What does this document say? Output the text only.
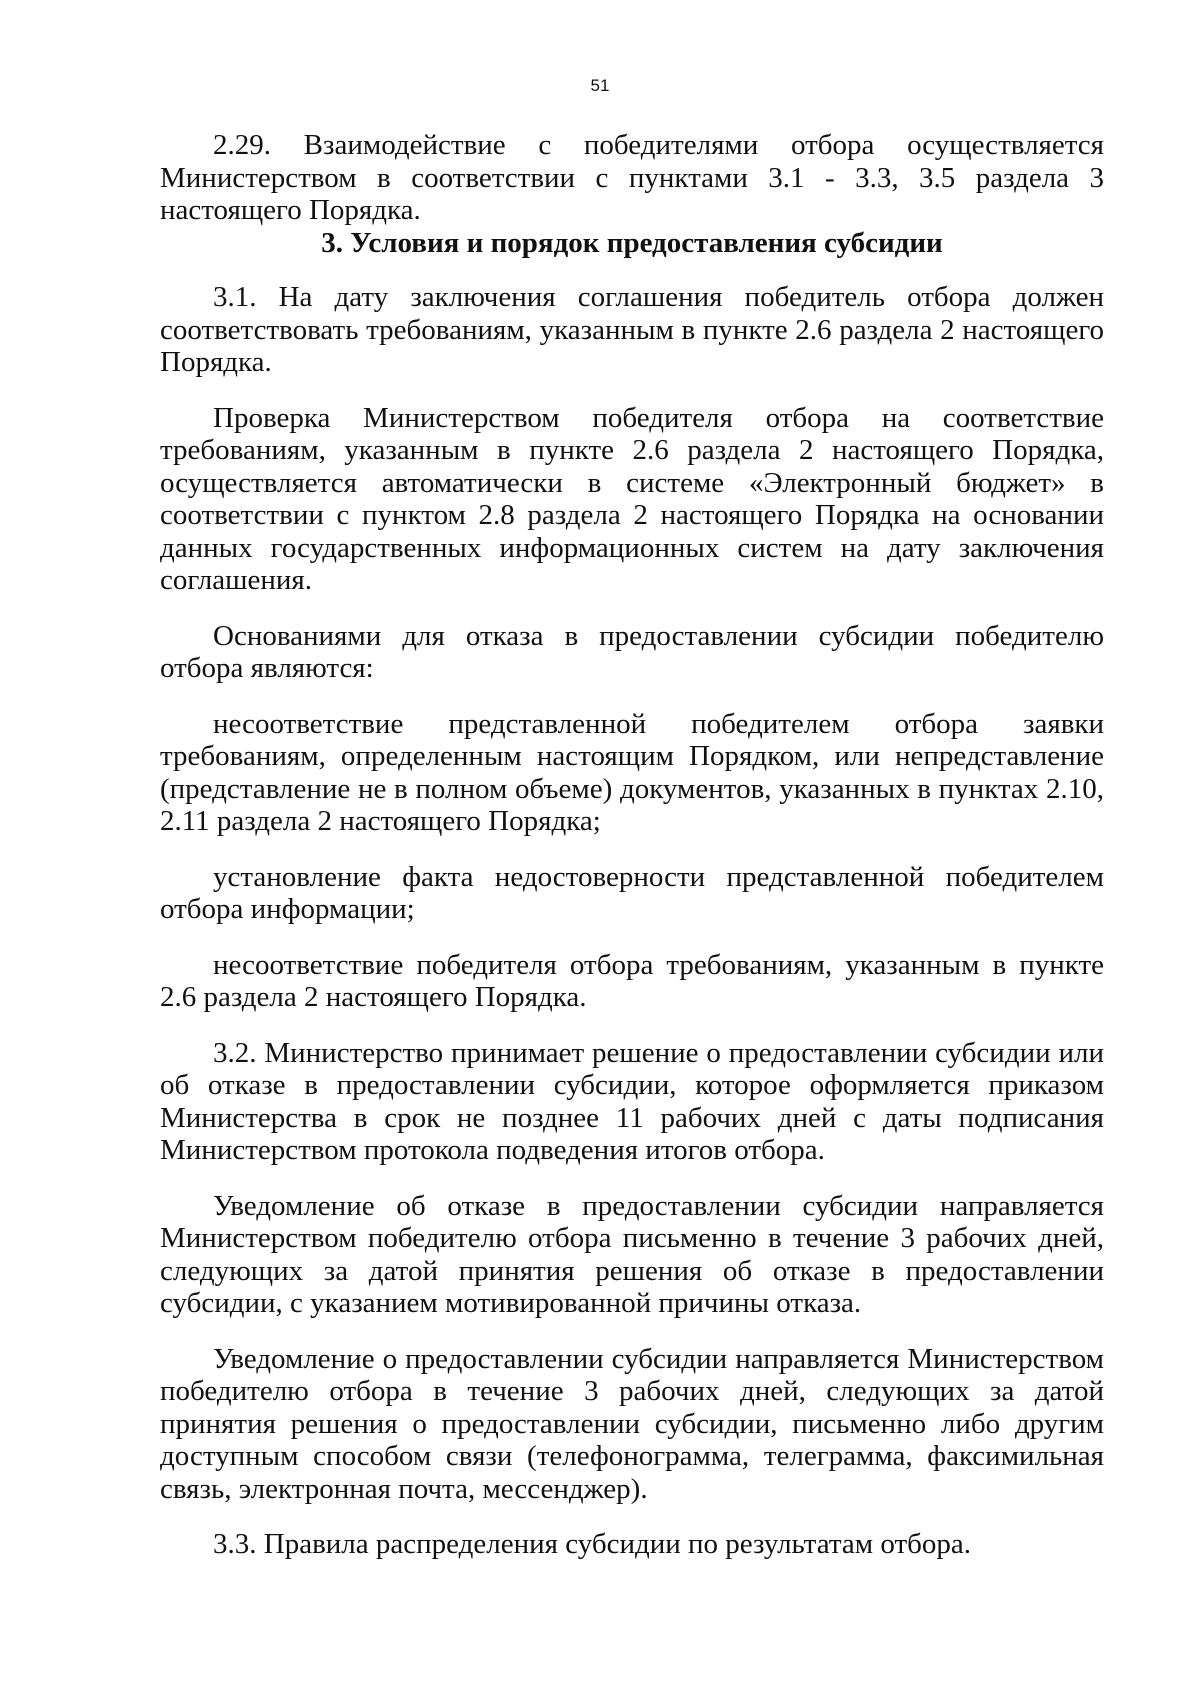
51

2.29. Взаимодействие с победителями отбора осуществляется Министерством в соответствии с пунктами 3.1 - 3.3, 3.5 раздела 3 настоящего Порядка.

3. Условия и порядок предоставления субсидии

3.1. На дату заключения соглашения победитель отбора должен соответствовать требованиям, указанным в пункте 2.6 раздела 2 настоящего Порядка.

Проверка Министерством победителя отбора на соответствие требованиям, указанным в пункте 2.6 раздела 2 настоящего Порядка, осуществляется автоматически в системе «Электронный бюджет» в соответствии с пунктом 2.8 раздела 2 настоящего Порядка на основании данных государственных информационных систем на дату заключения соглашения.

Основаниями для отказа в предоставлении субсидии победителю отбора являются:

несоответствие представленной победителем отбора заявки требованиям, определенным настоящим Порядком, или непредставление (представление не в полном объеме) документов, указанных в пунктах 2.10, 2.11 раздела 2 настоящего Порядка;

установление факта недостоверности представленной победителем отбора информации;

несоответствие победителя отбора требованиям, указанным в пункте 2.6 раздела 2 настоящего Порядка.

3.2. Министерство принимает решение о предоставлении субсидии или об отказе в предоставлении субсидии, которое оформляется приказом Министерства в срок не позднее 11 рабочих дней с даты подписания Министерством протокола подведения итогов отбора.

Уведомление об отказе в предоставлении субсидии направляется Министерством победителю отбора письменно в течение 3 рабочих дней, следующих за датой принятия решения об отказе в предоставлении субсидии, с указанием мотивированной причины отказа.

Уведомление о предоставлении субсидии направляется Министерством победителю отбора в течение 3 рабочих дней, следующих за датой принятия решения о предоставлении субсидии, письменно либо другим доступным способом связи (телефонограмма, телеграмма, факсимильная связь, электронная почта, мессенджер).

3.3. Правила распределения субсидии по результатам отбора.
